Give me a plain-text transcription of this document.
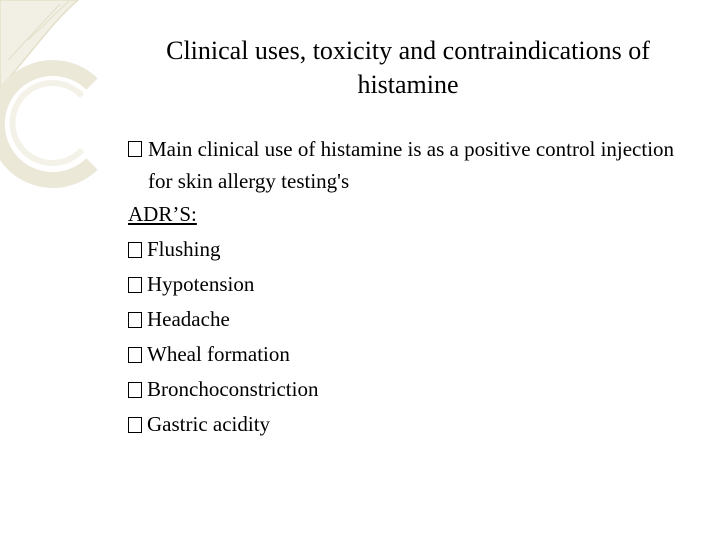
Clinical uses, toxicity and contraindications of
histamine
Main clinical use of histamine is as a positive control injection for skin allergy testing's
ADR’S:
Flushing
Hypotension
Headache
Wheal formation
Bronchoconstriction
Gastric acidity
